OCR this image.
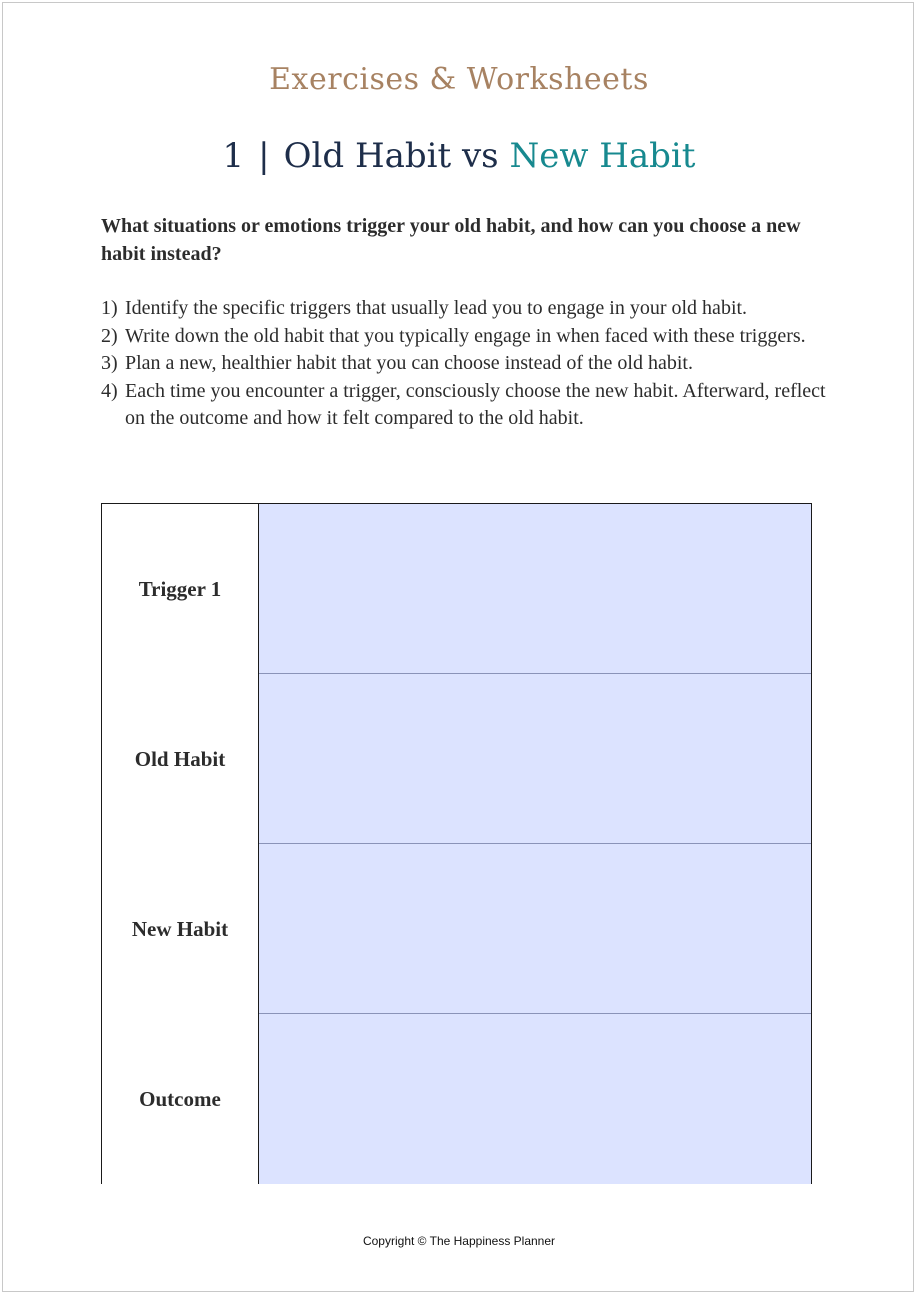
Exercises & Worksheets
1 | Old Habit vs New Habit
What situations or emotions trigger your old habit, and how can you choose a new habit instead?
1) Identify the specific triggers that usually lead you to engage in your old habit.
2) Write down the old habit that you typically engage in when faced with these triggers.
3) Plan a new, healthier habit that you can choose instead of the old habit.
4) Each time you encounter a trigger, consciously choose the new habit. Afterward, reflect on the outcome and how it felt compared to the old habit.
Trigger 1
Old Habit
New Habit
Outcome
Copyright © The Happiness Planner
